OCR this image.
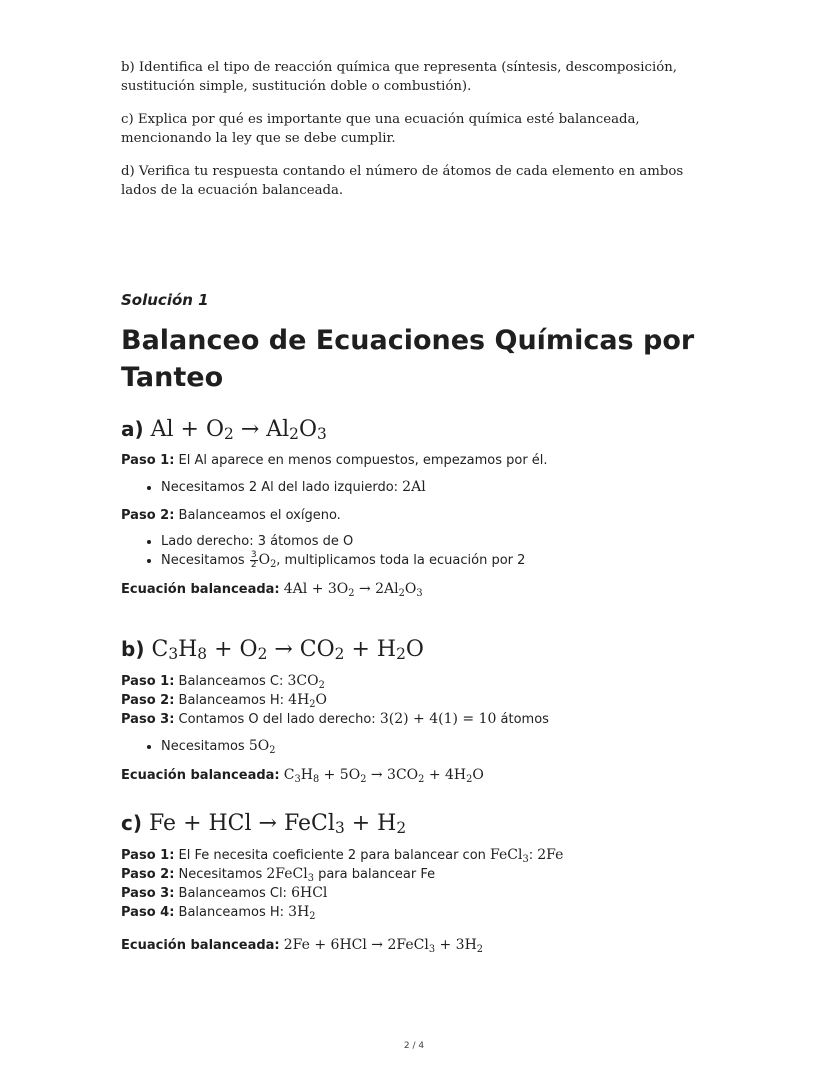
b) Identifica el tipo de reacción química que representa (síntesis, descomposición, sustitución simple, sustitución doble o combustión).

c) Explica por qué es importante que una ecuación química esté balanceada, mencionando la ley que se debe cumplir.

d) Verifica tu respuesta contando el número de átomos de cada elemento en ambos lados de la ecuación balanceada.

Solución 1
Balanceo de Ecuaciones Químicas por Tanteo
a) $Al + O_2 \to Al_2O_3$
Paso 1: El Al aparece en menos compuestos, empezamos por él.
• Necesitamos 2 Al del lado izquierdo: 2Al
Paso 2: Balanceamos el oxígeno.
• Lado derecho: 3 átomos de O
• Necesitamos $\frac{3}{2} O_2$, multiplicamos toda la ecuación por 2
Ecuación balanceada: $4Al + 3O_2 \to 2Al_2O_3$
b) $C_3H_8 + O_2 \to CO_2 + H_2O$
Paso 1: Balanceamos C: $3CO_2$
Paso 2: Balanceamos H: $4H_2O$
Paso 3: Contamos O del lado derecho: 3(2) + 4(1) = 10 átomos
• Necesitamos $5O_2$
Ecuación balanceada: $C_3H_8 + 5O_2 \to 3CO_2 + 4H_2O$
c) Fe + HCl → FeCl$_3$ + $H_2$
Paso 1: El Fe necesita coeficiente 2 para balancear con FeCl$_3$: 2Fe
Paso 2: Necesitamos 2FeCl$_3$ para balancear Fe
Paso 3: Balanceamos Cl: 6HCl
Paso 4: Balanceamos H: $3H_2$
Ecuación balanceada: 2Fe + 6HCl → 2FeCl$_3$ + $3H_2$
2 / 4
